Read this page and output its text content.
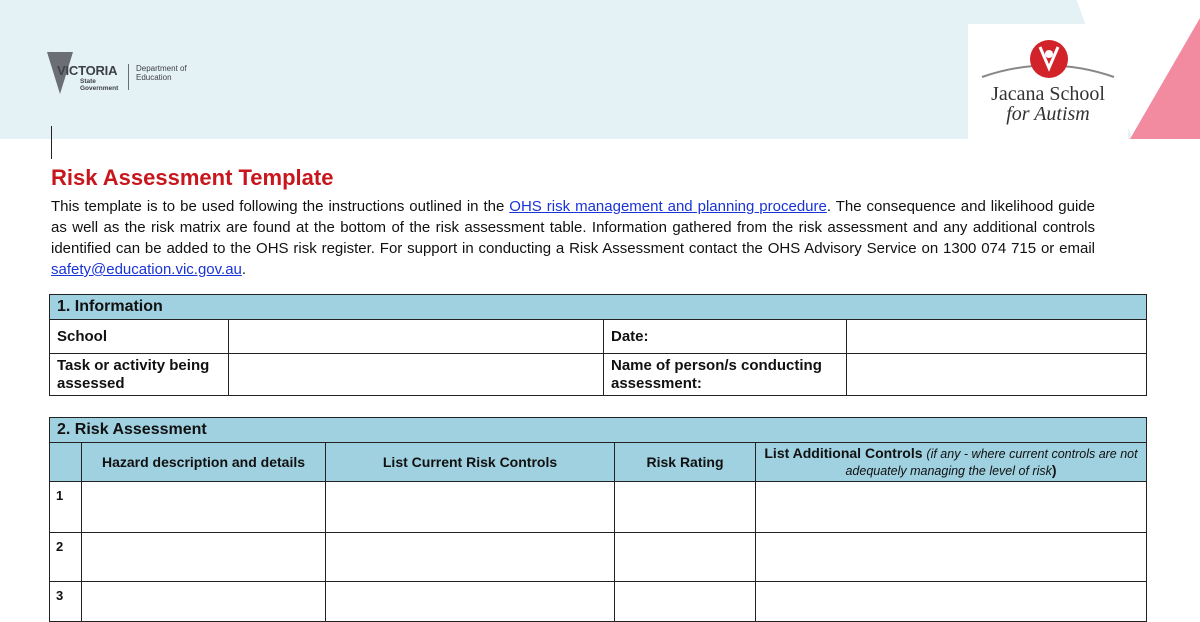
VICTORIA
State Government
Department of Education
Jacana School
for Autism
Risk Assessment Template
This template is to be used following the instructions outlined in the OHS risk management and planning procedure. The consequence and likelihood guide as well as the risk matrix are found at the bottom of the risk assessment table. Information gathered from the risk assessment and any additional controls identified can be added to the OHS risk register. For support in conducting a Risk Assessment contact the OHS Advisory Service on 1300 074 715 or email safety@education.vic.gov.au.
1. Information			
School		Date:	
Task or activity being assessed		Name of person/s conducting assessment:	
2. Risk Assessment				
	Hazard description and details	List Current Risk Controls	Risk Rating	List Additional Controls (if any - where current controls are not adequately managing the level of risk)
1				
2				
3				
